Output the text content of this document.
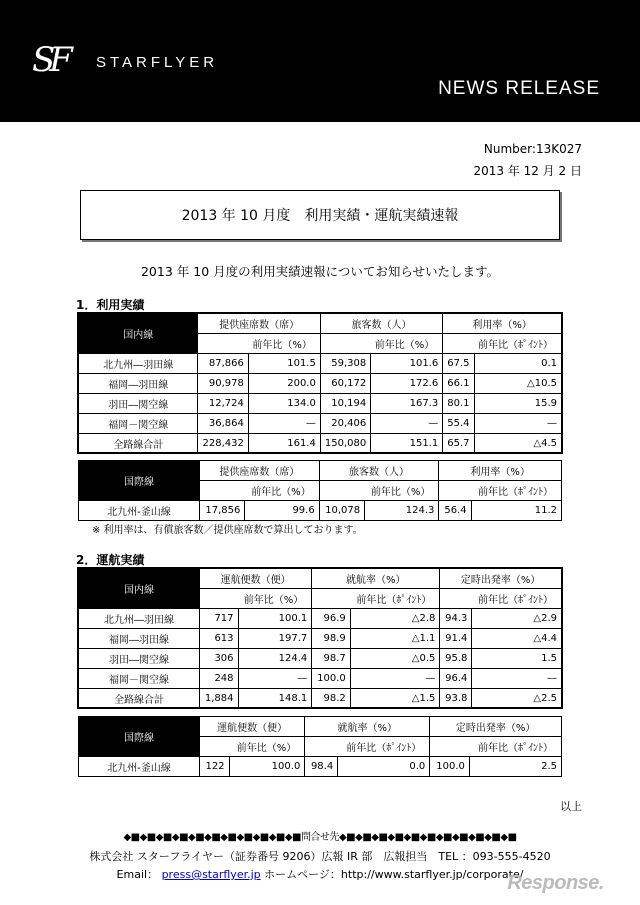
SF STARFLYER
NEWS RELEASE
Number:13K027
2013 年 12 月 2 日
2013 年 10 月度　利用実績・運航実績速報
2013 年 10 月度の利用実績速報についてお知らせいたします。
1．利用実績
国内線	提供座席数（席）		旅客数（人）		利用率（%）	
		前年比（%）		前年比（%）		前年比（ﾎﾟｲﾝﾄ）
北九州―羽田線	87,866	101.5	59,308	101.6	67.5	0.1
福岡―羽田線	90,978	200.0	60,172	172.6	66.1	△10.5
羽田―関空線	12,724	134.0	10,194	167.3	80.1	15.9
福岡－関空線	36,864	—	20,406	—	55.4	—
全路線合計	228,432	161.4	150,080	151.1	65.7	△4.5
国際線	提供座席数（席）		旅客数（人）		利用率（%）	
		前年比（%）		前年比（%）		前年比（ﾎﾟｲﾝﾄ）
北九州-釜山線	17,856	99.6	10,078	124.3	56.4	11.2
※ 利用率は、有償旅客数／提供座席数で算出しております。
2．運航実績
国内線	運航便数（便）		就航率（%）		定時出発率（%）	
		前年比（%）		前年比（ﾎﾟｲﾝﾄ）		前年比（ﾎﾟｲﾝﾄ）
北九州―羽田線	717	100.1	96.9	△2.8	94.3	△2.9
福岡―羽田線	613	197.7	98.9	△1.1	91.4	△4.4
羽田―関空線	306	124.4	98.7	△0.5	95.8	1.5
福岡－関空線	248	—	100.0	—	96.4	—
全路線合計	1,884	148.1	98.2	△1.5	93.8	△2.5
国際線	運航便数（便）		就航率（%）		定時出発率（%）	
		前年比（%）		前年比（ﾎﾟｲﾝﾄ）		前年比（ﾎﾟｲﾝﾄ）
北九州-釜山線	122	100.0	98.4	0.0	100.0	2.5
以上
◆■◆■◆■◆■◆■◆■◆■◆■◆■◆■◆■問合せ先◆■◆■◆■◆■◆■◆■◆■◆■◆■◆■◆■
株式会社 スターフライヤー（証券番号 9206）広報 IR 部　広報担当　TEL ：093-555-4520
Email： press@starflyer.jp ホームページ：http://www.starflyer.jp/corporate/
Response.
